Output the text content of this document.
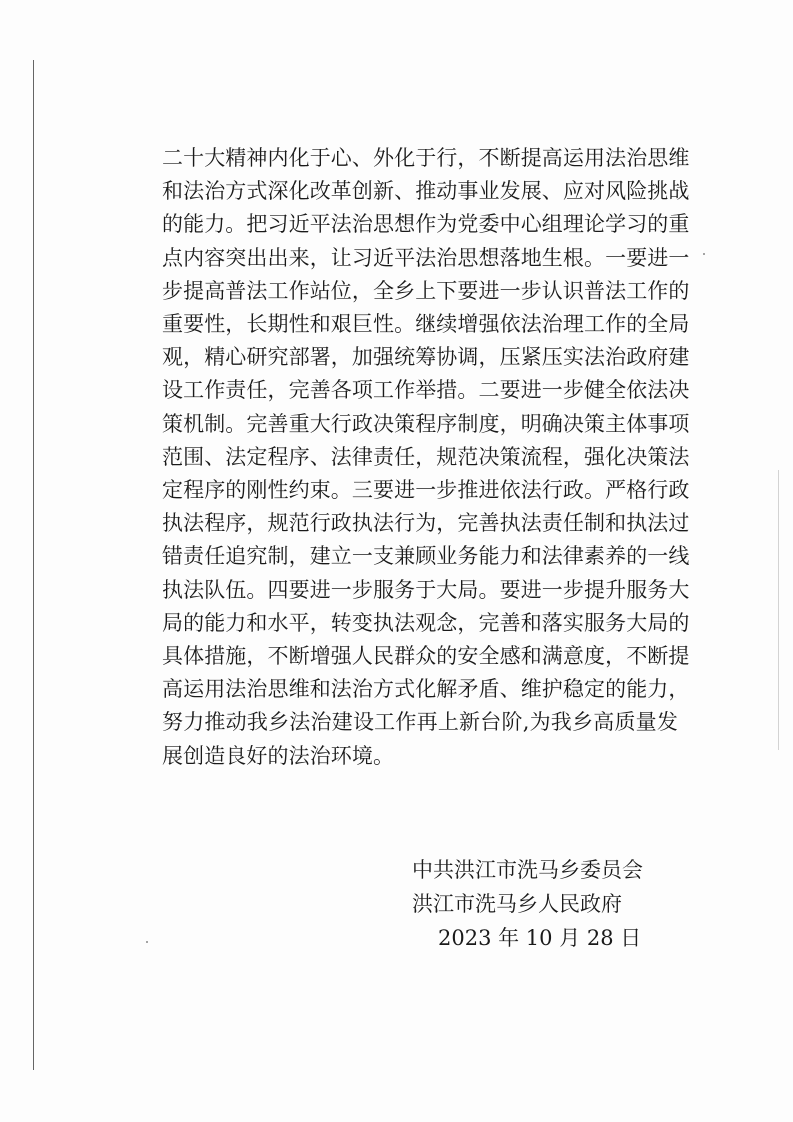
二十大精神内化于心、外化于行，不断提高运用法治思维
和法治方式深化改革创新、推动事业发展、应对风险挑战
的能力。把习近平法治思想作为党委中心组理论学习的重
点内容突出出来，让习近平法治思想落地生根。一要进一
步提高普法工作站位，全乡上下要进一步认识普法工作的
重要性，长期性和艰巨性。继续增强依法治理工作的全局
观，精心研究部署，加强统筹协调，压紧压实法治政府建
设工作责任，完善各项工作举措。二要进一步健全依法决
策机制。完善重大行政决策程序制度，明确决策主体事项
范围、法定程序、法律责任，规范决策流程，强化决策法
定程序的刚性约束。三要进一步推进依法行政。严格行政
执法程序，规范行政执法行为，完善执法责任制和执法过
错责任追究制，建立一支兼顾业务能力和法律素养的一线
执法队伍。四要进一步服务于大局。要进一步提升服务大
局的能力和水平，转变执法观念，完善和落实服务大局的
具体措施，不断增强人民群众的安全感和满意度，不断提
高运用法治思维和法治方式化解矛盾、维护稳定的能力，
努力推动我乡法治建设工作再上新台阶,为我乡高质量发
展创造良好的法治环境。
中共洪江市洗马乡委员会
洪江市洗马乡人民政府
2023 年 10 月 28 日
